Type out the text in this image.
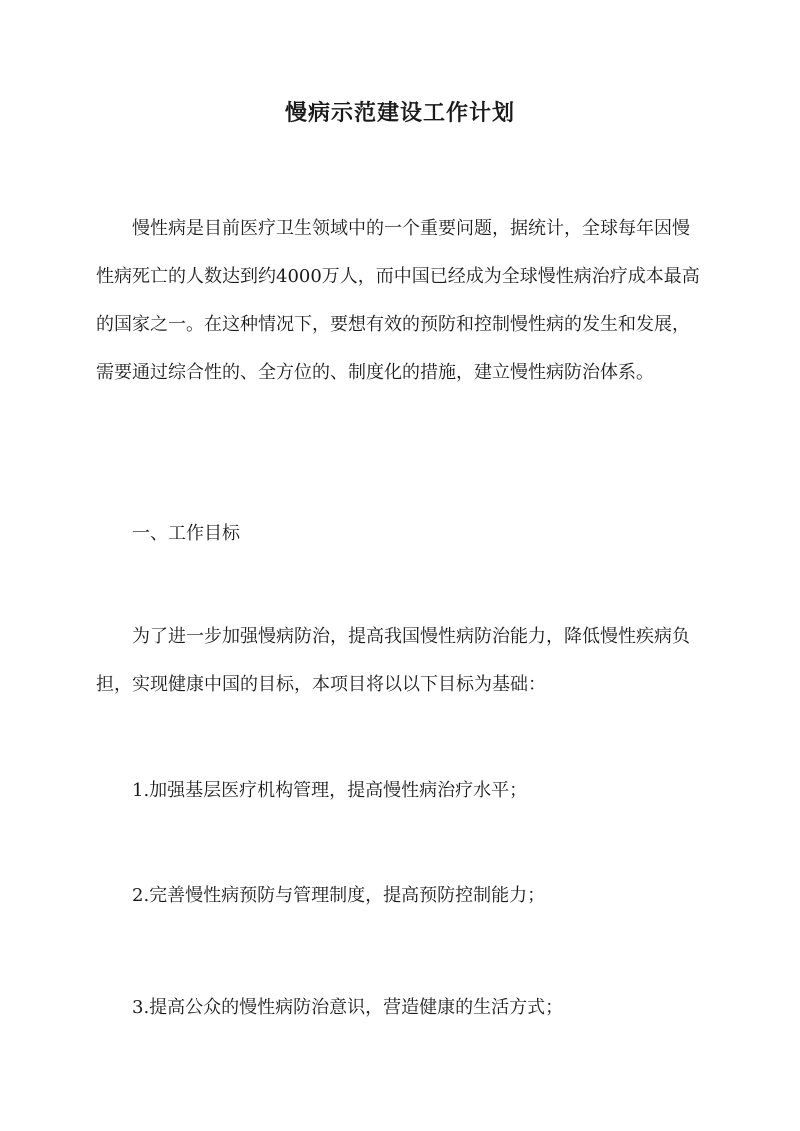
慢病示范建设工作计划

慢性病是目前医疗卫生领域中的一个重要问题，据统计，全球每年因慢性病死亡的人数达到约4000万人，而中国已经成为全球慢性病治疗成本最高的国家之一。在这种情况下，要想有效的预防和控制慢性病的发生和发展，需要通过综合性的、全方位的、制度化的措施，建立慢性病防治体系。

一、工作目标

为了进一步加强慢病防治，提高我国慢性病防治能力，降低慢性疾病负担，实现健康中国的目标，本项目将以以下目标为基础：

1.加强基层医疗机构管理，提高慢性病治疗水平；

2.完善慢性病预防与管理制度，提高预防控制能力；

3.提高公众的慢性病防治意识，营造健康的生活方式；
